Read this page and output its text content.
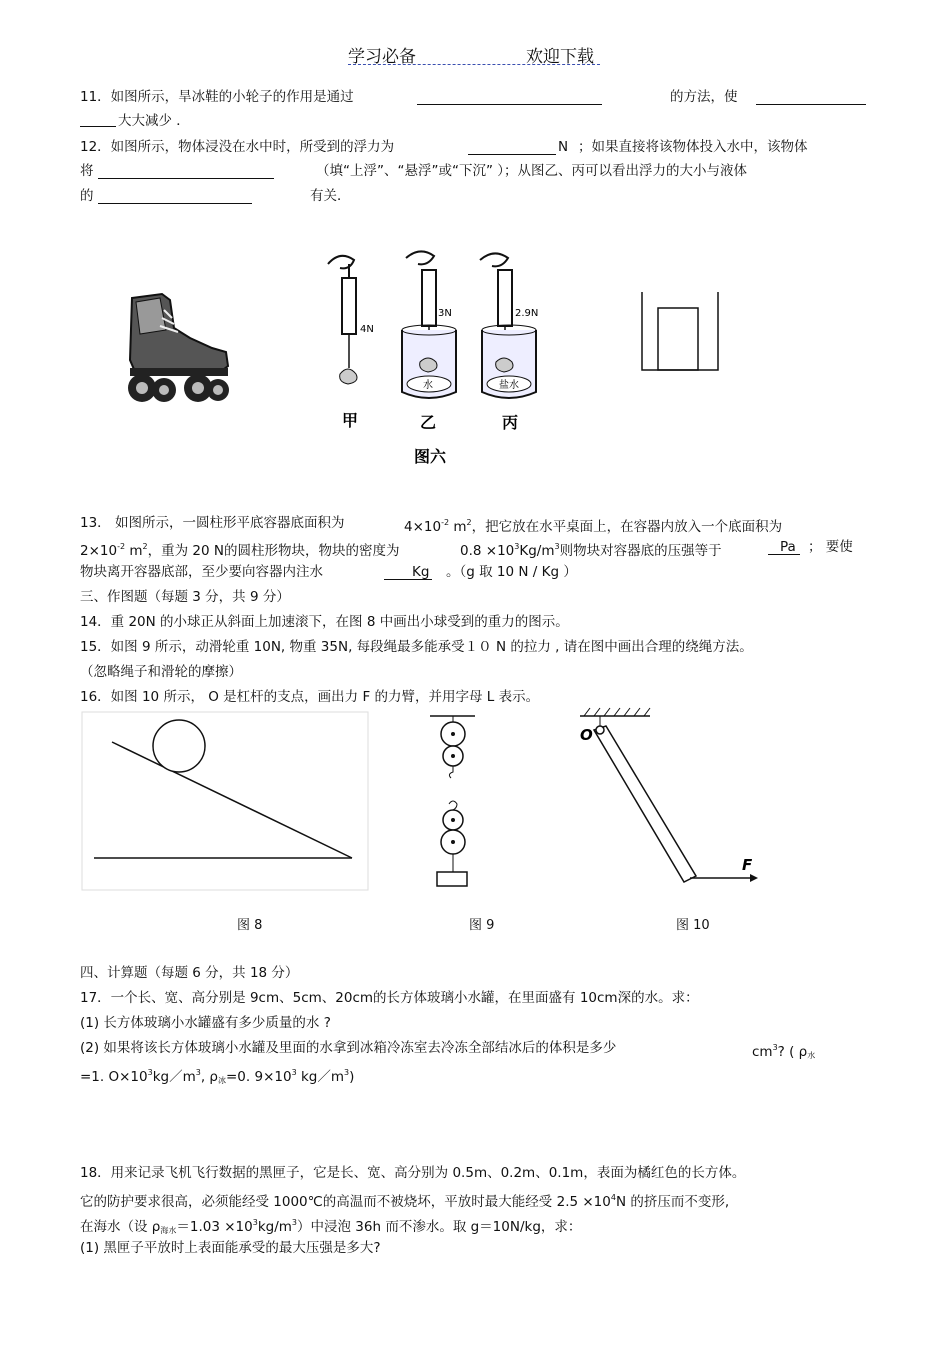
学习必备	欢迎下载
11．如图所示，旱冰鞋的小轮子的作用是通过	的方法，使
大大减少 ．
12．如图所示，物体浸没在水中时，所受到的浮力为	N ；如果直接将该物体投入水中，该物体
将	（填“上浮”、“悬浮”或“下沉” ）；从图乙、丙可以看出浮力的大小与液体
的	有关．
4N
3N
水
2.9N
盐水
甲	乙	丙
图六
13． 如图所示，一圆柱形平底容器底面积为	$4\times 10^{-2}$ $m^2$，把它放在水平桌面上，在容器内放入一个底面积为
$2\times 10^{-2}$ $m^2$，重为 20 N的圆柱形物块，物块的密度为	$0.8 \times 10^3Kg/m^3$则物块对容器底的压强等于	Pa ； 要使
物块离开容器底部，至少要向容器内注水	Kg 。（g 取 10 N / Kg ）
三、作图题（每题 3 分，共 9 分）
14．重 20N 的小球正从斜面上加速滚下，在图 8 中画出小球受到的重力的图示。
15．如图 9 所示，动滑轮重 10N, 物重 35N, 每段绳最多能承受１０ N 的拉力 , 请在图中画出合理的绕绳方法。
（忽略绳子和滑轮的摩擦）
16．如图 10 所示， O 是杠杆的支点，画出力 F 的力臂，并用字母 L 表示。
O
F
图 8	图 9	图 10
四、计算题（每题 6 分，共 18 分）
17．一个长、宽、高分别是 9cm、5cm、20cm的长方体玻璃小水罐，在里面盛有 10cm深的水。求：
(1) 长方体玻璃小水罐盛有多少质量的水 ?
(2) 如果将该长方体玻璃小水罐及里面的水拿到冰箱冷冻室去冷冻全部结冰后的体积是多少	$cm^3$? ( $\rho_水$
=1. $O\times 10^3kg/m^3$, $\rho_冰=0$. $9\times 10^3$ $kg/m^3$)
18．用来记录飞机飞行数据的黑匣子，它是长、宽、高分别为 0.5m、0.2m、0.1m，表面为橘红色的长方体。
它的防护要求很高，必须能经受 1000℃的高温而不被烧坏，平放时最大能经受 $2.5 \times 10^4N$ 的挤压而不变形,
在海水（设 $\rho_{海水}=1.03 \times 10^3kg/m^3$）中浸泡 36h 而不渗水。取 g＝10N/kg，求：
(1) 黑匣子平放时上表面能承受的最大压强是多大?
